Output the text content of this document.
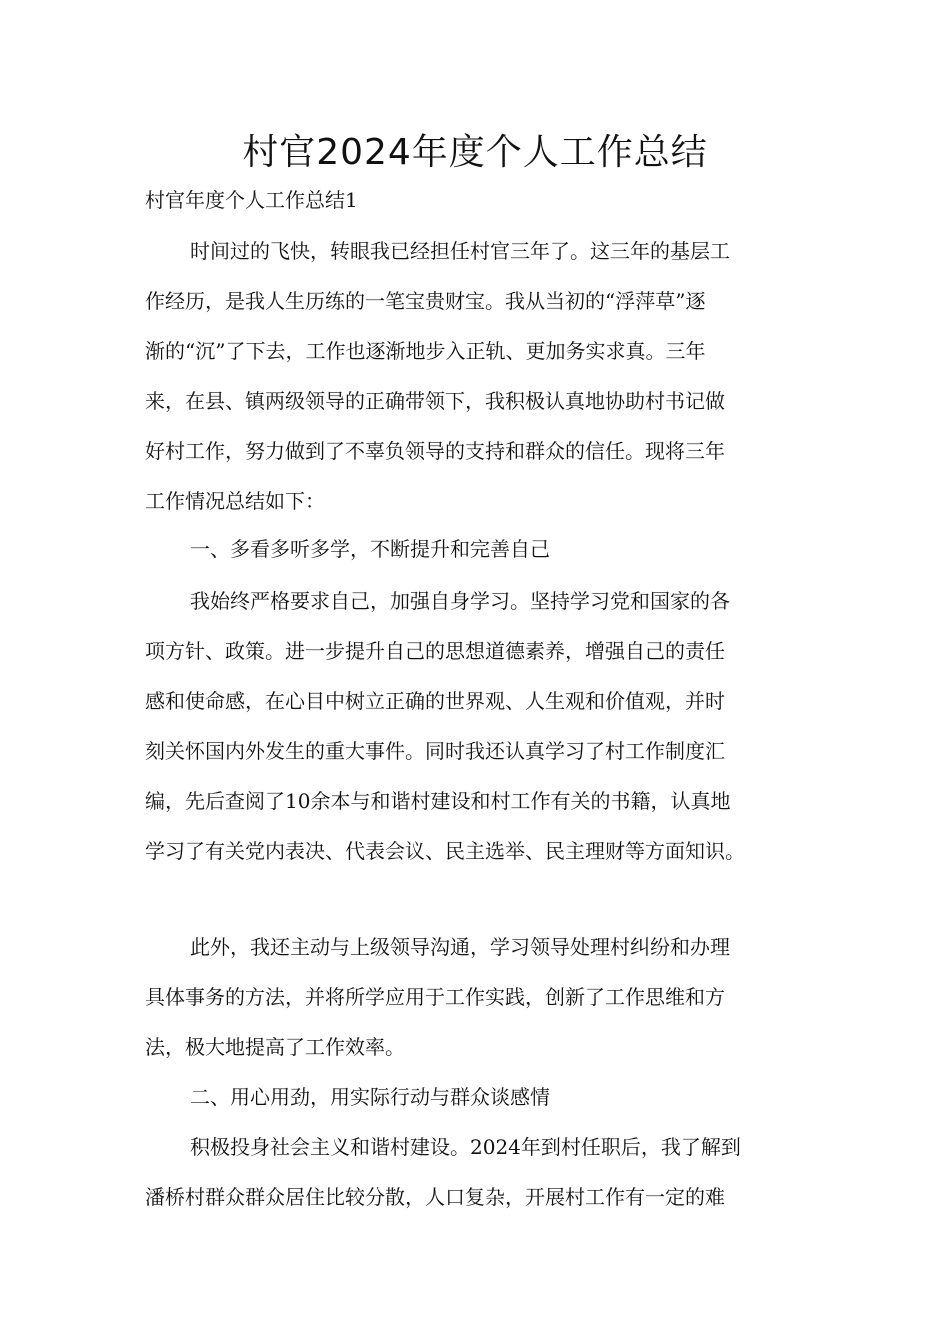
村官2024年度个人工作总结
村官年度个人工作总结1
时间过的飞快，转眼我已经担任村官三年了。这三年的基层工
作经历，是我人生历练的一笔宝贵财宝。我从当初的“浮萍草”逐
渐的“沉”了下去，工作也逐渐地步入正轨、更加务实求真。三年
来，在县、镇两级领导的正确带领下，我积极认真地协助村书记做
好村工作，努力做到了不辜负领导的支持和群众的信任。现将三年
工作情况总结如下：
一、多看多听多学，不断提升和完善自己
我始终严格要求自己，加强自身学习。坚持学习党和国家的各
项方针、政策。进一步提升自己的思想道德素养，增强自己的责任
感和使命感，在心目中树立正确的世界观、人生观和价值观，并时
刻关怀国内外发生的重大事件。同时我还认真学习了村工作制度汇
编，先后查阅了10余本与和谐村建设和村工作有关的书籍，认真地
学习了有关党内表决、代表会议、民主选举、民主理财等方面知识。
此外，我还主动与上级领导沟通，学习领导处理村纠纷和办理
具体事务的方法，并将所学应用于工作实践，创新了工作思维和方
法，极大地提高了工作效率。
二、用心用劲，用实际行动与群众谈感情
积极投身社会主义和谐村建设。2024年到村任职后，我了解到
潘桥村群众群众居住比较分散，人口复杂，开展村工作有一定的难
